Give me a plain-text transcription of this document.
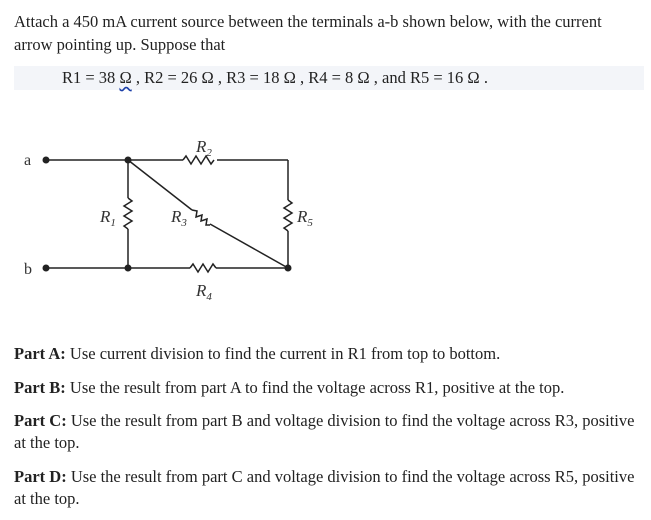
Attach a 450 mA current source between the terminals a-b shown below, with the current arrow pointing up. Suppose that
R1 = 38 Ω , R2 = 26 Ω , R3 = 18 Ω , R4 = 8 Ω , and R5 = 16 Ω .
a
b
$R_1$
$R_2$
$R_3$
$R_4$
$R_5$
Part A: Use current division to find the current in R1 from top to bottom.
Part B: Use the result from part A to find the voltage across R1, positive at the top.
Part C: Use the result from part B and voltage division to find the voltage across R3, positive at the top.
Part D: Use the result from part C and voltage division to find the voltage across R5, positive at the top.
